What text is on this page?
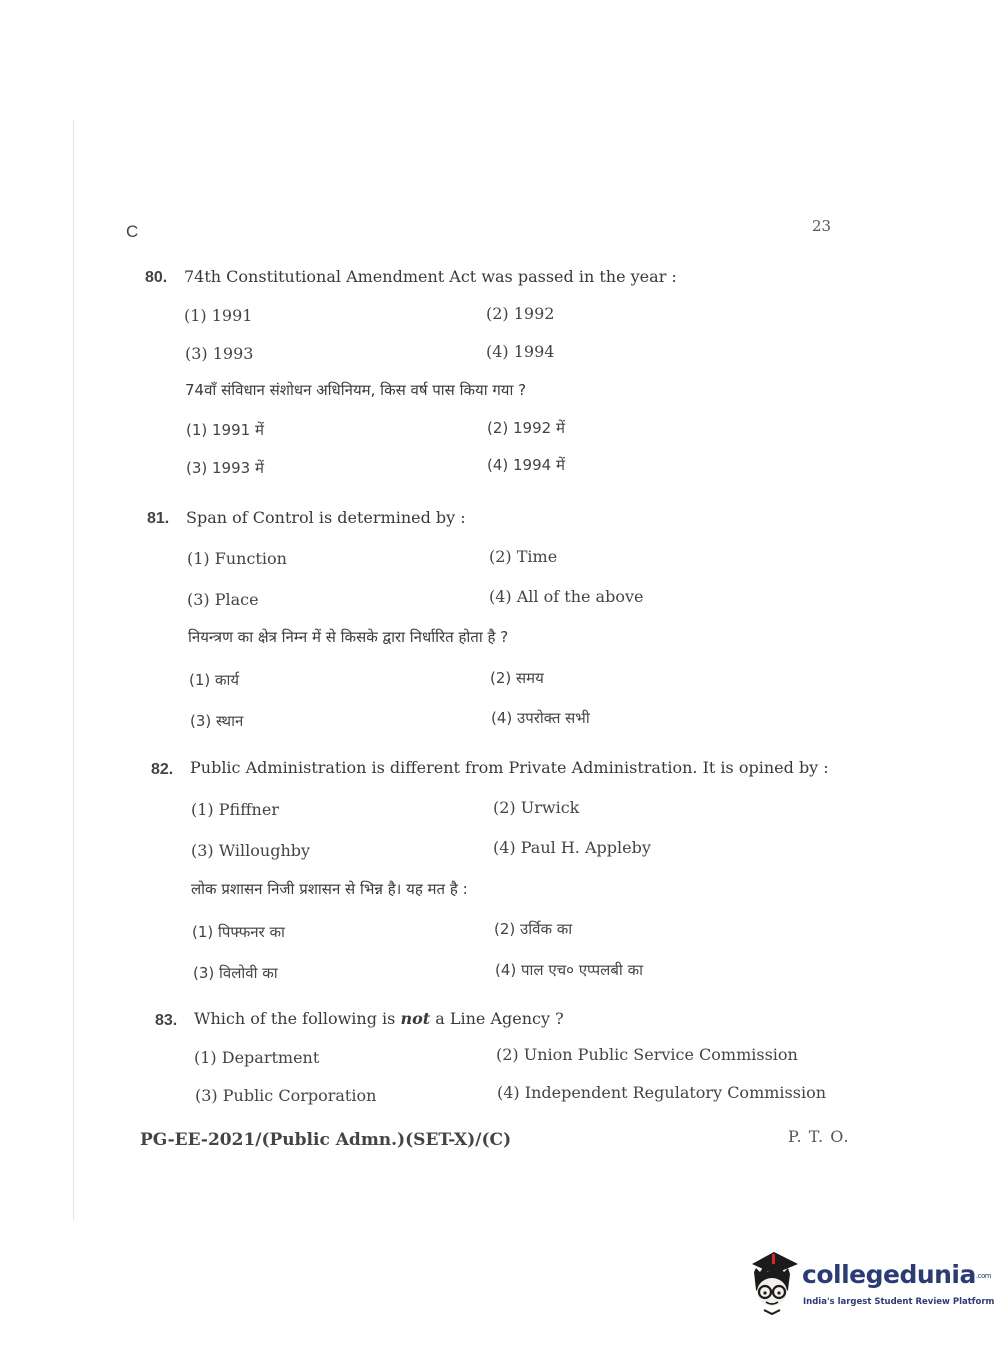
C	23
80. 74th Constitutional Amendment Act was passed in the year :
(1) 1991	(2) 1992
(3) 1993	(4) 1994
74वाँ संविधान संशोधन अधिनियम, किस वर्ष पास किया गया ?
(1) 1991 में	(2) 1992 में
(3) 1993 में	(4) 1994 में
81. Span of Control is determined by :
(1) Function	(2) Time
(3) Place	(4) All of the above
नियन्त्रण का क्षेत्र निम्न में से किसके द्वारा निर्धारित होता है ?
(1) कार्य	(2) समय
(3) स्थान	(4) उपरोक्त सभी
82. Public Administration is different from Private Administration. It is opined by :
(1) Pfiffner	(2) Urwick
(3) Willoughby	(4) Paul H. Appleby
लोक प्रशासन निजी प्रशासन से भिन्न है। यह मत है :
(1) पिफ्फनर का	(2) उर्विक का
(3) विलोवी का	(4) पाल एच० एप्पलबी का
83. Which of the following is not a Line Agency ?
(1) Department	(2) Union Public Service Commission
(3) Public Corporation	(4) Independent Regulatory Commission
PG-EE-2021/(Public Admn.)(SET-X)/(C)	P. T. O.
collegedunia.com
India's largest Student Review Platform
